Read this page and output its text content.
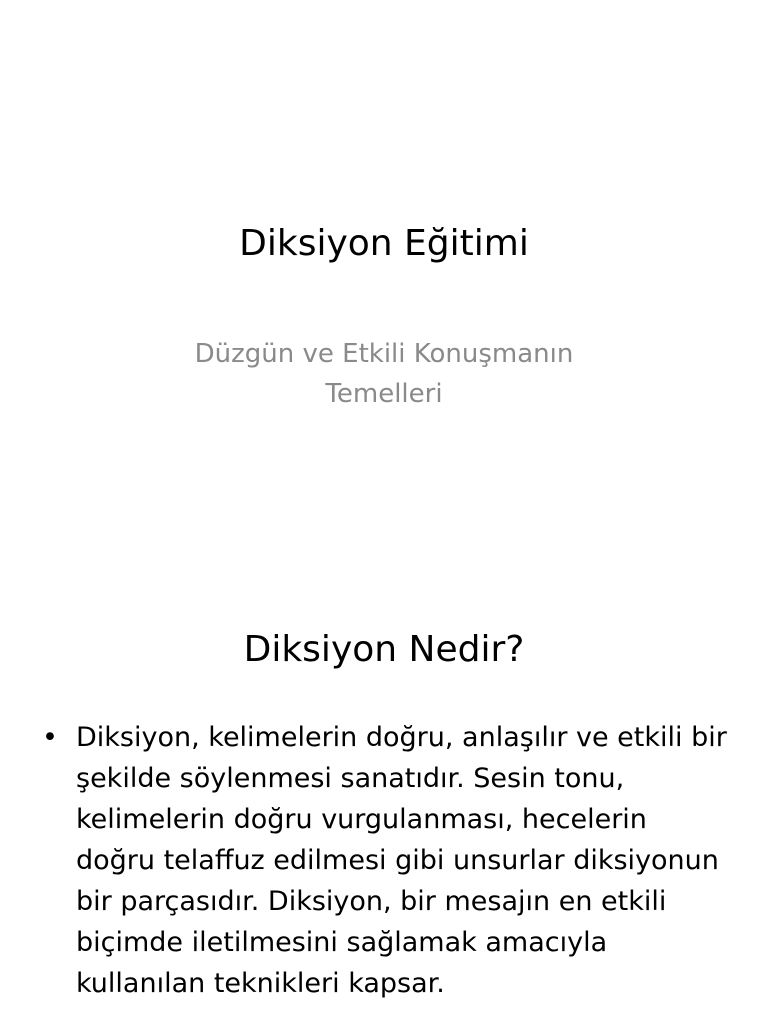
Diksiyon Eğitimi

Düzgün ve Etkili Konuşmanın Temelleri

Diksiyon Nedir?
• Diksiyon, kelimelerin doğru, anlaşılır ve etkili bir şekilde söylenmesi sanatıdır. Sesin tonu, kelimelerin doğru vurgulanması, hecelerin doğru telaffuz edilmesi gibi unsurlar diksiyonun bir parçasıdır. Diksiyon, bir mesajın en etkili biçimde iletilmesini sağlamak amacıyla kullanılan teknikleri kapsar.
